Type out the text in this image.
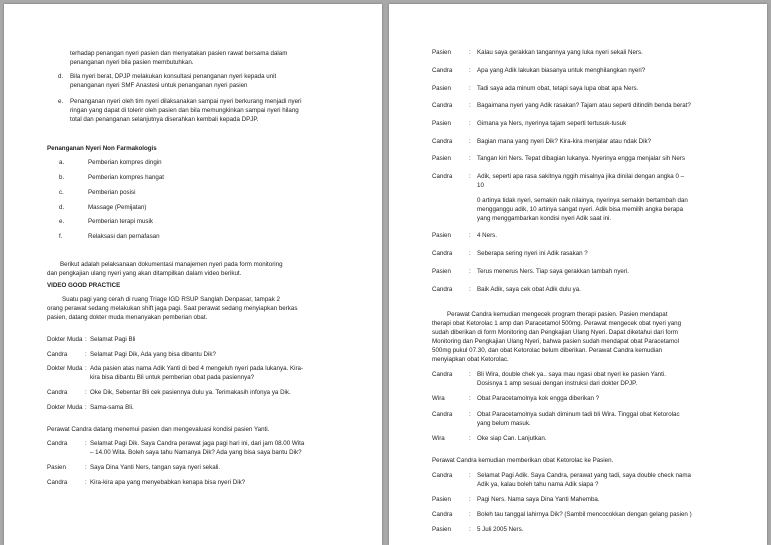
terhadap penangan nyeri pasien dan menyatakan pasien rawat bersama dalam
penanganan nyeri bila pasien membutuhkan.
d. Bila nyeri berat, DPJP melakukan konsultasi penanganan nyeri kepada unit
penanganan nyeri SMF Anastesi untuk penanganan nyeri pasien
e. Penanganan nyeri oleh tim nyeri dilaksanakan sampai nyeri berkurang menjadi nyeri
ringan yang dapat di tolerir oleh pasien dan bila memungkinkan sampai nyeri hilang
total dan penanganan selanjutnya diserahkan kembali kepada DPJP.
Penanganan Nyeri Non Farmakologis
a.	Pemberian kompres dingin
b.	Pemberian kompres hangat
c.	Pemberian posisi
d.	Massage (Pemijatan)
e.	Pemberian terapi musik
f.	Relaksasi dan pernafasan
Berikut adalah pelaksanaan dokumentasi manajemen nyeri pada form monitoring
dan pengkajian ulang nyeri yang akan ditampilkan dalam video berikut.
VIDEO GOOD PRACTICE
Suatu pagi yang cerah di ruang Triage IGD RSUP Sanglah Denpasar, tampak 2
orang perawat sedang melakukan shift jaga pagi. Saat perawat sedang menyiapkan berkas
pasien, datang dokter muda menanyakan pemberian obat.
Dokter Muda : Selamat Pagi Bli
Candra	: Selamat Pagi Dik, Ada yang bisa dibantu Dik?
Dokter Muda : Ada pasien atas nama Adik Yanti di bed 4 mengeluh nyeri pada lukanya. Kira-
kira bisa dibantu Bli untuk pemberian obat pada pasiennya?
Candra	: Oke Dik, Sebentar Bli cek pasiennya dulu ya. Terimakasih infonya ya Dik.
Dokter Muda : Sama-sama Bli.
Perawat Candra datang menemui pasien dan mengevaluasi kondisi pasien Yanti.
Candra	: Selamat Pagi Dik. Saya Candra perawat jaga pagi hari ini, dari jam 08.00 Wita
– 14.00 Wita. Boleh saya tahu Namanya Dik? Ada yang bisa saya bantu Dik?
Pasien	: Saya Dina Yanti Ners, tangan saya nyeri sekali.
Candra	: Kira-kira apa yang menyebabkan kenapa bisa nyeri Dik?
Pasien	: Kalau saya gerakkan tangannya yang luka nyeri sekali Ners.
Candra	: Apa yang Adik lakukan biasanya untuk menghilangkan nyeri?
Pasien	: Tadi saya ada minum obat, tetapi saya lupa obat apa Ners.
Candra	: Bagaimana nyeri yang Adik rasakan? Tajam atau seperti ditindih benda berat?
Pasien	: Gimana ya Ners, nyerinya tajam seperti tertusuk-tusuk
Candra	: Bagian mana yang nyeri Dik? Kira-kira menjalar atau ndak Dik?
Pasien	: Tangan kiri Ners. Tepat dibagian lukanya. Nyerinya engga menjalar sih Ners
Candra	: Adik, seperti apa rasa sakitnya nggih misalnya jika dinilai dengan angka 0 –
10
0 artinya tidak nyeri, semakin naik nilainya, nyerinya semakin bertambah dan
mengganggu adik, 10 artinya sangat nyeri. Adik bisa memilih angka berapa
yang menggambarkan kondisi nyeri Adik saat ini.
Pasien	: 4 Ners.
Candra	: Seberapa sering nyeri ini Adik rasakan ?
Pasien	: Terus menerus Ners. Tiap saya gerakkan tambah nyeri.
Candra	: Baik Adik, saya cek obat Adik dulu ya.
Perawat Candra kemudian mengecek program therapi pasien. Pasien mendapat
therapi obat Ketorolac 1 amp dan Paracetamol 500mg. Perawat mengecek obat nyeri yang
sudah diberikan di form Monitoring dan Pengkajian Ulang Nyeri. Dapat diketahui dari form
Monitoring dan Pengkajian Ulang Nyeri, bahwa pasien sudah mendapat obat Paracetamol
500mg pukul 07.30, dan obat Ketorolac belum diberikan. Perawat Candra kemudian
menyiapkan obat Ketorolac.
Candra	: Bli Wira, double chek ya.. saya mau ngasi obat nyeri ke pasien Yanti.
Dosisnya 1 amp sesuai dengan instruksi dari dokter DPJP.
Wira	: Obat Paracetamolnya kok engga diberikan ?
Candra	: Obat Paracetamolnya sudah diminum tadi bli Wira. Tinggal obat Ketorolac
yang belum masuk.
Wira	: Oke siap Can. Lanjutkan.
Perawat Candra kemudian memberikan obat Ketorolac ke Pasien.
Candra	: Selamat Pagi Adik. Saya Candra, perawat yang tadi, saya double check nama
Adik ya, kalau boleh tahu nama Adik siapa ?
Pasien	: Pagi Ners. Nama saya Dina Yanti Mahemba.
Candra	: Boleh tau tanggal lahirnya Dik? (Sambil mencocokkan dengan gelang pasien )
Pasien	: 5 Juli 2005 Ners.
